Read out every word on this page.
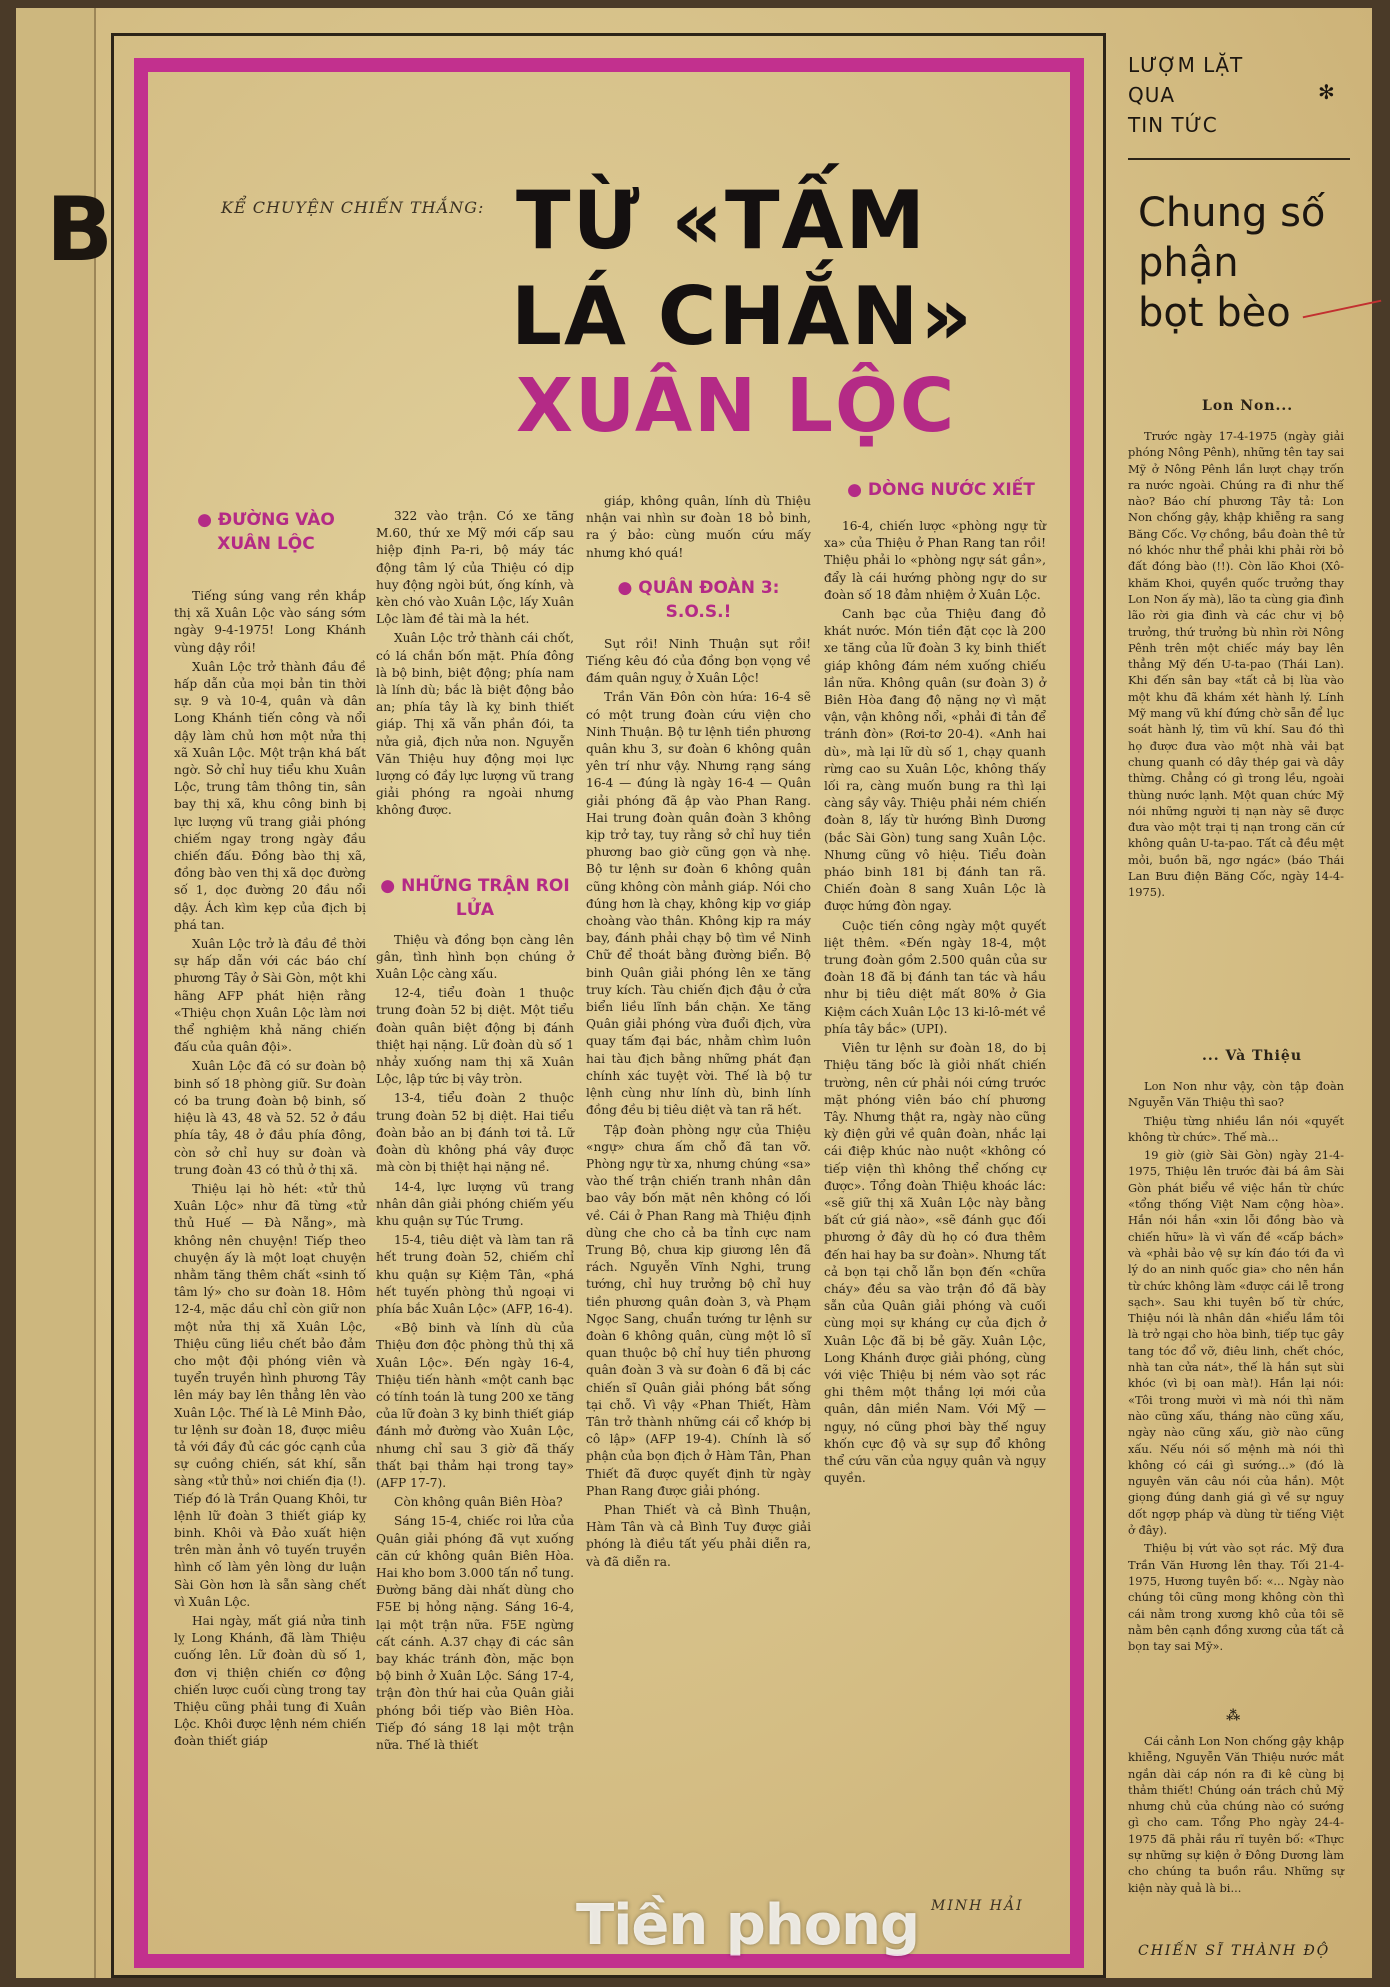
B	KỂ CHUYỆN CHIẾN THẮNG: TỪ «TẤM
LÁ CHẮN»
XUÂN LỘC
● ĐƯỜNG VÀO XUÂN LỘC

Tiếng súng vang rền khắp thị xã Xuân Lộc vào sáng sớm ngày 9-4-1975! Long Khánh vùng dậy rồi!

Xuân Lộc trở thành đầu đề hấp dẫn của mọi bản tin thời sự. 9 và 10-4, quân và dân Long Khánh tiến công và nổi dậy làm chủ hơn một nửa thị xã Xuân Lộc. Một trận khá bất ngờ. Sở chỉ huy tiểu khu Xuân Lộc, trung tâm thông tin, sân bay thị xã, khu công binh bị lực lượng vũ trang giải phóng chiếm ngay trong ngày đầu chiến đấu. Đồng bào thị xã, đồng bào ven thị xã dọc đường số 1, dọc đường 20 đầu nổi dậy. Ách kìm kẹp của địch bị phá tan.

Xuân Lộc trở là đầu đề thời sự hấp dẫn với các báo chí phương Tây ở Sài Gòn, một khi hãng AFP phát hiện rằng «Thiệu chọn Xuân Lộc làm nơi thể nghiệm khả năng chiến đấu của quân đội».

Xuân Lộc đã có sư đoàn bộ binh số 18 phòng giữ. Sư đoàn có ba trung đoàn bộ binh, số hiệu là 43, 48 và 52. 52 ở đầu phía tây, 48 ở đầu phía đông, còn sở chỉ huy sư đoàn và trung đoàn 43 có thủ ở thị xã.

Thiệu lại hò hét: «tử thủ Xuân Lộc» như đã từng «tử thủ Huế — Đà Nẵng», mà không nên chuyện! Tiếp theo chuyện ấy là một loạt chuyện nhằm tăng thêm chất «sinh tố tâm lý» cho sư đoàn 18. Hôm 12-4, mặc dầu chỉ còn giữ non một nửa thị xã Xuân Lộc, Thiệu cũng liều chết bảo đảm cho một đội phóng viên và tuyển truyền hình phương Tây lên máy bay lên thẳng lên vào Xuân Lộc. Thế là Lê Minh Đảo, tư lệnh sư đoàn 18, được miêu tả với đầy đủ các góc cạnh của sự cuồng chiến, sát khí, sẵn sàng «tử thủ» nơi chiến địa (!). Tiếp đó là Trần Quang Khôi, tư lệnh lữ đoàn 3 thiết giáp kỵ binh. Khôi và Đảo xuất hiện trên màn ảnh vô tuyến truyền hình cố làm yên lòng dư luận Sài Gòn hơn là sẵn sàng chết vì Xuân Lộc.

Hai ngày, mất giá nửa tinh lỵ Long Khánh, đã làm Thiệu cuống lên. Lữ đoàn dù số 1, đơn vị thiện chiến cơ động chiến lược cuối cùng trong tay Thiệu cũng phải tung đi Xuân Lộc. Khôi được lệnh ném chiến đoàn thiết giáp

322 vào trận. Có xe tăng M.60, thứ xe Mỹ mới cấp sau hiệp định Pa-ri, bộ máy tác động tâm lý của Thiệu có dịp huy động ngòi bút, ống kính, và kèn chó vào Xuân Lộc, lấy Xuân Lộc làm đề tài mà la hét.

Xuân Lộc trở thành cái chốt, có lá chắn bốn mặt. Phía đông là bộ binh, biệt động; phía nam là lính dù; bắc là biệt động bảo an; phía tây là kỵ binh thiết giáp. Thị xã vẫn phần đói, ta nửa giả, địch nửa non. Nguyễn Văn Thiệu huy động mọi lực lượng có đầy lực lượng vũ trang giải phóng ra ngoài nhưng không được.

● NHỮNG TRẬN ROI LỬA

Thiệu và đồng bọn càng lên gân, tình hình bọn chúng ở Xuân Lộc càng xấu.

12-4, tiểu đoàn 1 thuộc trung đoàn 52 bị diệt. Một tiểu đoàn quân biệt động bị đánh thiệt hại nặng. Lữ đoàn dù số 1 nhảy xuống nam thị xã Xuân Lộc, lập tức bị vây tròn.

13-4, tiểu đoàn 2 thuộc trung đoàn 52 bị diệt. Hai tiểu đoàn bảo an bị đánh tơi tả. Lữ đoàn dù không phá vây được mà còn bị thiệt hại nặng nề.

14-4, lực lượng vũ trang nhân dân giải phóng chiếm yếu khu quận sự Túc Trưng.

15-4, tiêu diệt và làm tan rã hết trung đoàn 52, chiếm chỉ khu quận sự Kiệm Tân, «phá hết tuyến phòng thủ ngoại vi phía bắc Xuân Lộc» (AFP, 16-4).

«Bộ binh và lính dù của Thiệu đơn độc phòng thủ thị xã Xuân Lộc». Đến ngày 16-4, Thiệu tiến hành «một canh bạc có tính toán là tung 200 xe tăng của lữ đoàn 3 kỵ binh thiết giáp đánh mở đường vào Xuân Lộc, nhưng chỉ sau 3 giờ đã thấy thất bại thảm hại trong tay» (AFP 17-7).

Còn không quân Biên Hòa?

Sáng 15-4, chiếc roi lửa của Quân giải phóng đã vụt xuống căn cứ không quân Biên Hòa. Hai kho bom 3.000 tấn nổ tung. Đường băng dài nhất dùng cho F5E bị hỏng nặng. Sáng 16-4, lại một trận nữa. F5E ngừng cất cánh. A.37 chạy đi các sân bay khác tránh đòn, mặc bọn bộ binh ở Xuân Lộc. Sáng 17-4, trận đòn thứ hai của Quân giải phóng bồi tiếp vào Biên Hòa. Tiếp đó sáng 18 lại một trận nữa. Thế là thiết

giáp, không quân, lính dù Thiệu nhận vai nhìn sư đoàn 18 bỏ binh, ra ý bảo: cùng muốn cứu mấy nhưng khó quá!

● QUÂN ĐOÀN 3: S.O.S.!

Sụt rồi! Ninh Thuận sụt rồi! Tiếng kêu đó của đồng bọn vọng về đám quân nguỵ ở Xuân Lộc!

Trần Văn Đôn còn hứa: 16-4 sẽ có một trung đoàn cứu viện cho Ninh Thuận. Bộ tư lệnh tiền phương quân khu 3, sư đoàn 6 không quân yên trí như vậy. Nhưng rạng sáng 16-4 — đúng là ngày 16-4 — Quân giải phóng đã ập vào Phan Rang. Hai trung đoàn quân đoàn 3 không kịp trở tay, tuy rằng sở chỉ huy tiền phương bao giờ cũng gọn và nhẹ. Bộ tư lệnh sư đoàn 6 không quân cũng không còn mảnh giáp. Nói cho đúng hơn là chạy, không kịp vơ giáp choàng vào thân. Không kịp ra máy bay, đánh phải chạy bộ tìm về Ninh Chữ để thoát bằng đường biển. Bộ binh Quân giải phóng lên xe tăng truy kích. Tàu chiến địch đậu ở cửa biển liều lĩnh bắn chặn. Xe tăng Quân giải phóng vừa đuổi địch, vừa quay tấm đại bác, nhằm chìm luôn hai tàu địch bằng những phát đạn chính xác tuyệt vời. Thế là bộ tư lệnh cùng như lính dù, binh lính đồng đều bị tiêu diệt và tan rã hết.

Tập đoàn phòng ngự của Thiệu «ngự» chưa ấm chỗ đã tan vỡ. Phòng ngự từ xa, nhưng chúng «sa» vào thế trận chiến tranh nhân dân bao vây bốn mặt nên không có lối về. Cái ở Phan Rang mà Thiệu định dùng che cho cả ba tỉnh cực nam Trung Bộ, chưa kịp giương lên đã rách. Nguyễn Vĩnh Nghi, trung tướng, chỉ huy trưởng bộ chỉ huy tiền phương quân đoàn 3, và Phạm Ngọc Sang, chuẩn tướng tư lệnh sư đoàn 6 không quân, cùng một lô sĩ quan thuộc bộ chỉ huy tiền phương quân đoàn 3 và sư đoàn 6 đã bị các chiến sĩ Quân giải phóng bắt sống tại chỗ. Vì vậy «Phan Thiết, Hàm Tân trở thành những cái cổ khớp bị cô lập» (AFP 19-4). Chính là số phận của bọn địch ở Hàm Tân, Phan Thiết đã được quyết định từ ngày Phan Rang được giải phóng.

Phan Thiết và cả Bình Thuận, Hàm Tân và cả Bình Tuy được giải phóng là điều tất yếu phải diễn ra, và đã diễn ra.

● DÒNG NƯỚC XIẾT

16-4, chiến lược «phòng ngự từ xa» của Thiệu ở Phan Rang tan rồi! Thiệu phải lo «phòng ngự sát gần», đẩy là cái hướng phòng ngự do sư đoàn số 18 đảm nhiệm ở Xuân Lộc.

Canh bạc của Thiệu đang đỏ khát nước. Món tiền đặt cọc là 200 xe tăng của lữ đoàn 3 kỵ binh thiết giáp không đám ném xuống chiếu lần nữa. Không quân (sư đoàn 3) ở Biên Hòa đang độ nặng nợ vì mặt vận, vận không nổi, «phải đi tản để tránh đòn» (Rơi-tơ 20-4). «Anh hai dù», mà lại lữ dù số 1, chạy quanh rừng cao su Xuân Lộc, không thấy lối ra, càng muốn bung ra thì lại càng sầy vây. Thiệu phải ném chiến đoàn 8, lấy từ hướng Bình Dương (bắc Sài Gòn) tung sang Xuân Lộc. Nhưng cũng vô hiệu. Tiểu đoàn pháo binh 181 bị đánh tan rã. Chiến đoàn 8 sang Xuân Lộc là được hứng đòn ngay.

Cuộc tiến công ngày một quyết liệt thêm. «Đến ngày 18-4, một trung đoàn gồm 2.500 quân của sư đoàn 18 đã bị đánh tan tác và hầu như bị tiêu diệt mất 80% ở Gia Kiệm cách Xuân Lộc 13 ki-lô-mét về phía tây bắc» (UPI).

Viên tư lệnh sư đoàn 18, do bị Thiệu tăng bốc là giỏi nhất chiến trường, nên cứ phải nói cứng trước mặt phóng viên báo chí phương Tây. Nhưng thật ra, ngày nào cũng kỳ điện gửi về quân đoàn, nhắc lại cái điệp khúc nào nuột «không có tiếp viện thì không thể chống cự được». Tổng đoàn Thiệu khoác lác: «sẽ giữ thị xã Xuân Lộc này bằng bất cứ giá nào», «sẽ đánh gục đối phương ở đây dù họ có đưa thêm đến hai hay ba sư đoàn». Nhưng tất cả bọn tại chỗ lẫn bọn đến «chữa cháy» đều sa vào trận đồ đã bày sẵn của Quân giải phóng và cuối cùng mọi sự kháng cự của địch ở Xuân Lộc đã bị bẻ gãy. Xuân Lộc, Long Khánh được giải phóng, cùng với việc Thiệu bị ném vào sọt rác ghi thêm một thắng lợi mới của quân, dân miền Nam. Với Mỹ — ngụy, nó cũng phơi bày thế nguy khốn cực độ và sự sụp đổ không thể cứu vãn của ngụy quân và ngụy quyền.

MINH HẢI
LƯỢM LẶT
QUA
TIN TỨC
✻
Chung số
phận
bọt bèo
Lon Non...

Trước ngày 17-4-1975 (ngày giải phóng Nông Pênh), những tên tay sai Mỹ ở Nông Pênh lần lượt chạy trốn ra nước ngoài. Chúng ra đi như thế nào? Báo chí phương Tây tả: Lon Non chống gậy, khập khiễng ra sang Băng Cốc. Vợ chồng, bầu đoàn thê tử nó khóc như thể phải khi phải rời bỏ đất đóng bào (!!). Còn lão Khoi (Xô-khăm Khoi, quyền quốc trưởng thay Lon Non ấy mà), lão ta cùng gia đình lão rời gia đình và các chư vị bộ trưởng, thứ trưởng bù nhìn rời Nông Pênh trên một chiếc máy bay lên thẳng Mỹ đến U-ta-pao (Thái Lan). Khi đến sân bay «tất cả bị lùa vào một khu đã khám xét hành lý. Lính Mỹ mang vũ khí đứng chờ sẵn để lục soát hành lý, tìm vũ khí. Sau đó thì họ được đưa vào một nhà vải bạt chung quanh có dây thép gai và dây thừng. Chẳng có gì trong lều, ngoài thùng nước lạnh. Một quan chức Mỹ nói những người tị nạn này sẽ được đưa vào một trại tị nạn trong căn cứ không quân U-ta-pao. Tất cả đều mệt mỏi, buồn bã, ngơ ngác» (báo Thái Lan Bưu điện Băng Cốc, ngày 14-4-1975).

... Và Thiệu

Lon Non như vậy, còn tập đoàn Nguyễn Văn Thiệu thì sao?

Thiệu từng nhiều lần nói «quyết không từ chức». Thế mà...

19 giờ (giờ Sài Gòn) ngày 21-4-1975, Thiệu lên trước đài bá âm Sài Gòn phát biểu về việc hắn từ chức «tổng thống Việt Nam cộng hòa». Hắn nói hắn «xin lỗi đồng bào và chiến hữu» là vì vấn đề «cấp bách» và «phải bảo vệ sự kín đáo tới đa vì lý do an ninh quốc gia» cho nên hắn từ chức không làm «được cái lễ trong sạch». Sau khi tuyên bố từ chức, Thiệu nói là nhân dân «hiểu lầm tôi là trở ngại cho hòa bình, tiếp tục gây tang tóc đổ vỡ, điêu linh, chết chóc, nhà tan cửa nát», thế là hắn sụt sùi khóc (vì bị oan mà!). Hắn lại nói: «Tôi trong mười vì mà nói thì năm nào cũng xấu, tháng nào cũng xấu, ngày nào cũng xấu, giờ nào cũng xấu. Nếu nói số mệnh mà nói thì không có cái gì sướng...» (đó là nguyên văn câu nói của hắn). Một giọng đúng danh giá gì về sự nguy dốt ngợp pháp và dùng từ tiếng Việt ở đây).

Thiệu bị vứt vào sọt rác. Mỹ đưa Trần Văn Hương lên thay. Tối 21-4-1975, Hương tuyên bố: «... Ngày nào chúng tôi cũng mong không còn thì cái nằm trong xương khô của tôi sẽ nằm bên cạnh đồng xương của tất cả bọn tay sai Mỹ».

⁂

Cái cảnh Lon Non chống gậy khập khiễng, Nguyễn Văn Thiệu nước mắt ngắn dài cáp nón ra đi kê cùng bị thảm thiết! Chúng oán trách chủ Mỹ nhưng chủ của chúng nào có sướng gì cho cam. Tổng Pho ngày 24-4-1975 đã phải rầu rĩ tuyên bố: «Thực sự những sự kiện ở Đông Dương làm cho chúng ta buồn rầu. Những sự kiện này quả là bi...

CHIẾN SĨ THÀNH ĐỘ
Tiền phong
